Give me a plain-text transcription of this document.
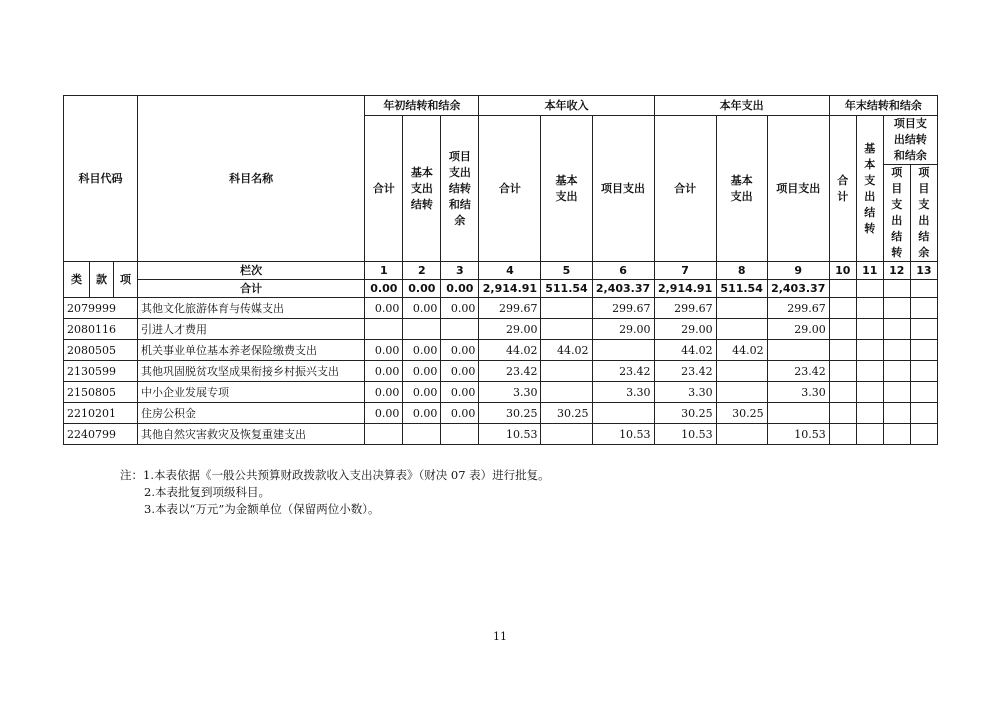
科目代码			科目名称	年初结转和结余			本年收入			本年支出			年末结转和结余			
				合计	基本支出结转	项目支出结转和结余	合计	基本支出	项目支出	合计	基本支出	项目支出	合计	基本支出结转	项目支出结转和结余	

															项目支出结转	项目支出结余

类	款	项	栏次	1	2	3	4	5	6	7	8	9	10	11	12	13
			合计	0.00	0.00	0.00	2,914.91	511.54	2,403.37	2,914.91	511.54	2,403.37				
2079999			其他文化旅游体育与传媒支出	0.00	0.00	0.00	299.67		299.67	299.67		299.67				
2080116			引进人才费用				29.00		29.00	29.00		29.00				
2080505			机关事业单位基本养老保险缴费支出	0.00	0.00	0.00	44.02	44.02		44.02	44.02					
2130599			其他巩固脱贫攻坚成果衔接乡村振兴支出	0.00	0.00	0.00	23.42		23.42	23.42		23.42				
2150805			中小企业发展专项	0.00	0.00	0.00	3.30		3.30	3.30		3.30				
2210201			住房公积金	0.00	0.00	0.00	30.25	30.25		30.25	30.25					
2240799			其他自然灾害救灾及恢复重建支出				10.53		10.53	10.53		10.53				
注：1.本表依据《一般公共预算财政拨款收入支出决算表》（财决 07 表）进行批复。
2.本表批复到项级科目。
3.本表以“万元”为金额单位（保留两位小数）。
11
